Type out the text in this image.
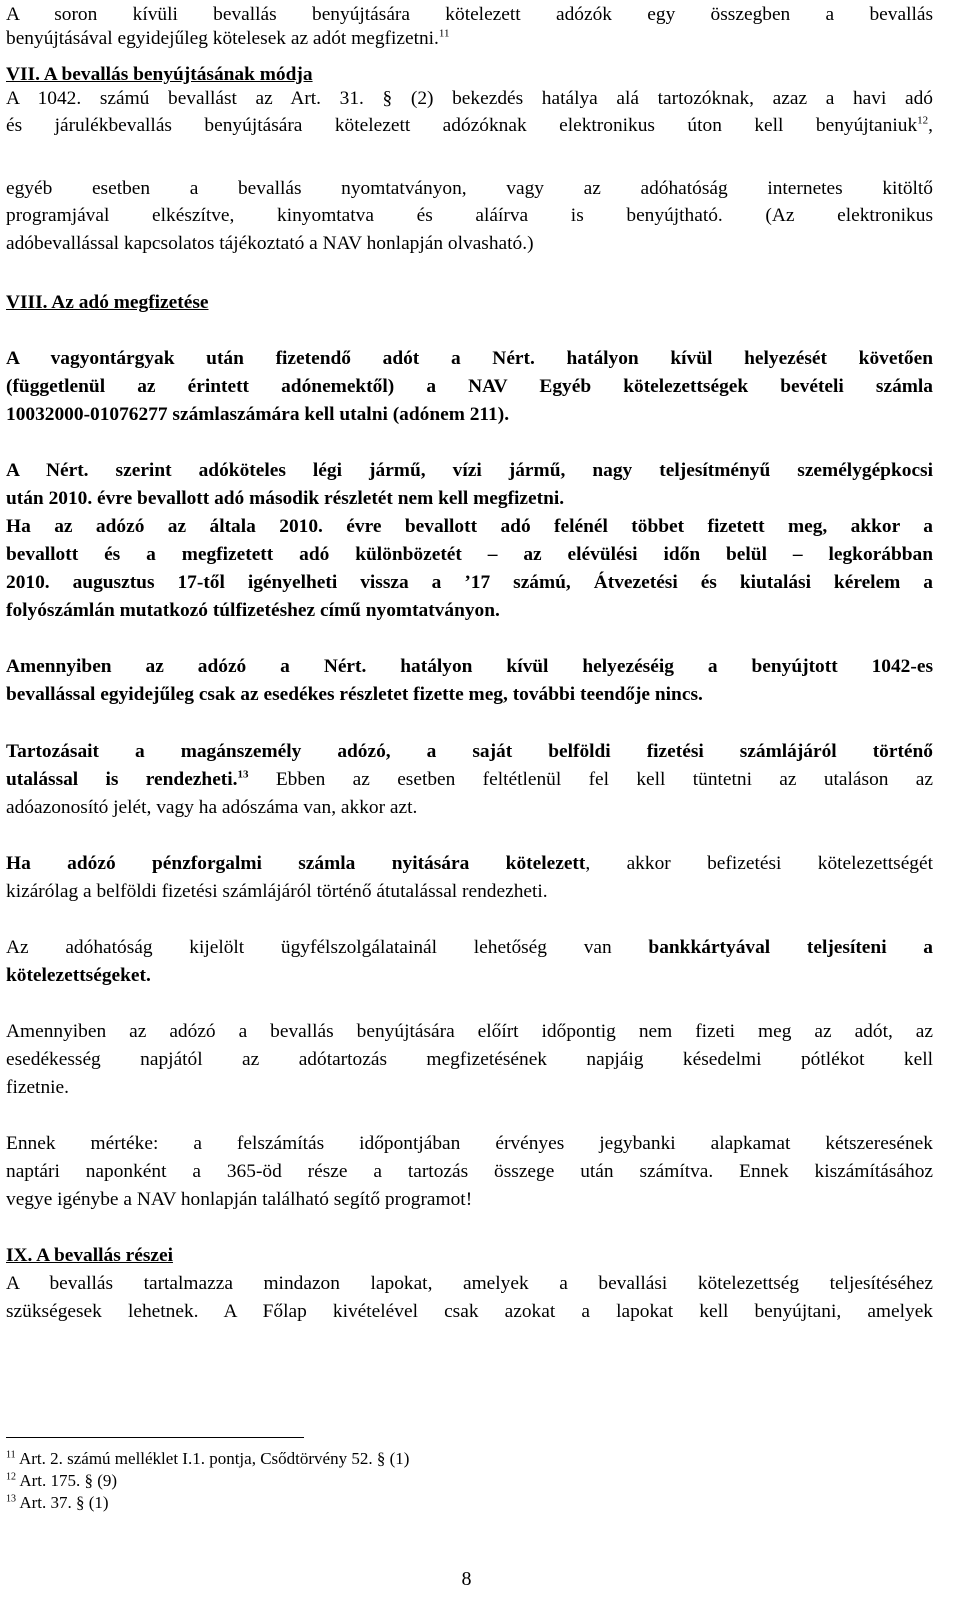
A soron kívüli bevallás benyújtására kötelezett adózók egy összegben a bevallás
benyújtásával egyidejűleg kötelesek az adót megfizetni.$^{11}$
VII. A bevallás benyújtásának módja
A 1042. számú bevallást az Art. 31. § (2) bekezdés hatálya alá tartozóknak, azaz a havi adó
és járulékbevallás benyújtására kötelezett adózóknak elektronikus úton kell benyújtaniuk$^{12}$,
egyéb esetben a bevallás nyomtatványon, vagy az adóhatóság internetes kitöltő
programjával elkészítve, kinyomtatva és aláírva is benyújtható. (Az elektronikus
adóbevallással kapcsolatos tájékoztató a NAV honlapján olvasható.)
VIII. Az adó megfizetése
A vagyontárgyak után fizetendő adót a Nért. hatályon kívül helyezését követően
(függetlenül az érintett adónemektől) a NAV Egyéb kötelezettségek bevételi számla
10032000-01076277 számlaszámára kell utalni (adónem 211).
A Nért. szerint adóköteles légi jármű, vízi jármű, nagy teljesítményű személygépkocsi
után 2010. évre bevallott adó második részletét nem kell megfizetni.
Ha az adózó az általa 2010. évre bevallott adó felénél többet fizetett meg, akkor a
bevallott és a megfizetett adó különbözetét – az elévülési időn belül – legkorábban
2010. augusztus 17-től igényelheti vissza a ’17 számú, Átvezetési és kiutalási kérelem a
folyószámlán mutatkozó túlfizetéshez című nyomtatványon.
Amennyiben az adózó a Nért. hatályon kívül helyezéséig a benyújtott 1042-es
bevallással egyidejűleg csak az esedékes részletet fizette meg, további teendője nincs.
Tartozásait a magánszemély adózó, a saját belföldi fizetési számlájáról történő
utalással is rendezheti.$^{13}$ Ebben az esetben feltétlenül fel kell tüntetni az utaláson az
adóazonosító jelét, vagy ha adószáma van, akkor azt.
Ha adózó pénzforgalmi számla nyitására kötelezett, akkor befizetési kötelezettségét
kizárólag a belföldi fizetési számlájáról történő átutalással rendezheti.
Az adóhatóság kijelölt ügyfélszolgálatainál lehetőség van bankkártyával teljesíteni a
kötelezettségeket.
Amennyiben az adózó a bevallás benyújtására előírt időpontig nem fizeti meg az adót, az
esedékesség napjától az adótartozás megfizetésének napjáig késedelmi pótlékot kell
fizetnie.
Ennek mértéke: a felszámítás időpontjában érvényes jegybanki alapkamat kétszeresének
naptári naponként a 365-öd része a tartozás összege után számítva. Ennek kiszámításához
vegye igénybe a NAV honlapján található segítő programot!
IX. A bevallás részei
A bevallás tartalmazza mindazon lapokat, amelyek a bevallási kötelezettség teljesítéséhez
szükségesek lehetnek. A Főlap kivételével csak azokat a lapokat kell benyújtani, amelyek
$^{11}$ Art. 2. számú melléklet I.1. pontja, Csődtörvény 52. § (1)
$^{12}$ Art. 175. § (9)
$^{13}$ Art. 37. § (1)
8
